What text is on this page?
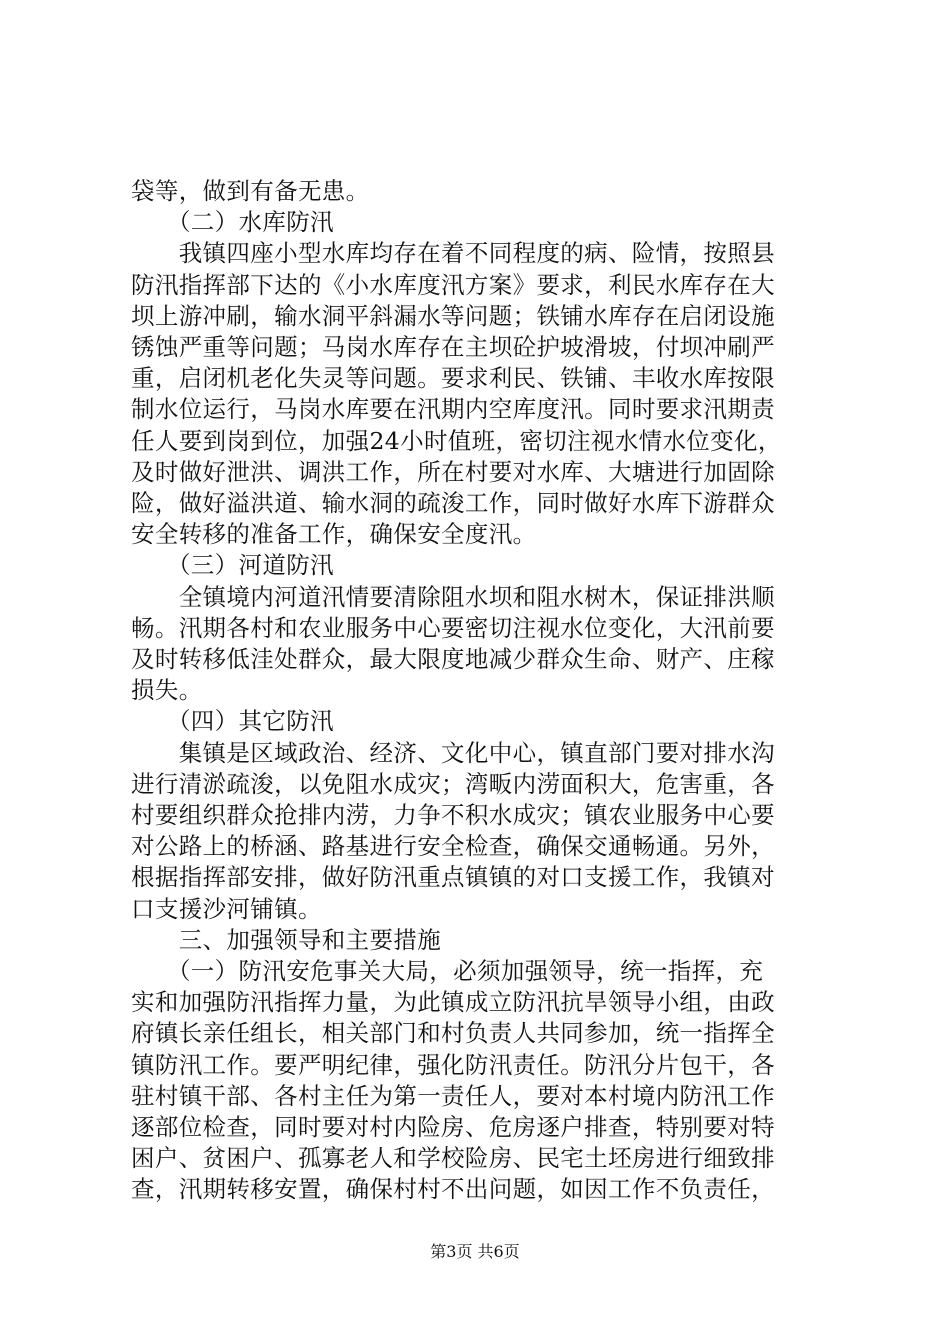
袋等，做到有备无患。

　　（二）水库防汛

　　我镇四座小型水库均存在着不同程度的病、险情，按照县

防汛指挥部下达的《小水库度汛方案》要求，利民水库存在大

坝上游冲刷，输水洞平斜漏水等问题；铁铺水库存在启闭设施

锈蚀严重等问题；马岗水库存在主坝砼护坡滑坡，付坝冲刷严

重，启闭机老化失灵等问题。要求利民、铁铺、丰收水库按限

制水位运行，马岗水库要在汛期内空库度汛。同时要求汛期责

任人要到岗到位，加强24小时值班，密切注视水情水位变化，

及时做好泄洪、调洪工作，所在村要对水库、大塘进行加固除

险，做好溢洪道、输水洞的疏浚工作，同时做好水库下游群众

安全转移的准备工作，确保安全度汛。

　　（三）河道防汛

　　全镇境内河道汛情要清除阻水坝和阻水树木，保证排洪顺

畅。汛期各村和农业服务中心要密切注视水位变化，大汛前要

及时转移低洼处群众，最大限度地减少群众生命、财产、庄稼

损失。

　　（四）其它防汛

　　集镇是区域政治、经济、文化中心，镇直部门要对排水沟

进行清淤疏浚，以免阻水成灾；湾畈内涝面积大，危害重，各

村要组织群众抢排内涝，力争不积水成灾；镇农业服务中心要

对公路上的桥涵、路基进行安全检查，确保交通畅通。另外，

根据指挥部安排，做好防汛重点镇镇的对口支援工作，我镇对

口支援沙河铺镇。

　　三、加强领导和主要措施

　　（一）防汛安危事关大局，必须加强领导，统一指挥，充

实和加强防汛指挥力量，为此镇成立防汛抗旱领导小组，由政

府镇长亲任组长，相关部门和村负责人共同参加，统一指挥全

镇防汛工作。要严明纪律，强化防汛责任。防汛分片包干，各

驻村镇干部、各村主任为第一责任人，要对本村境内防汛工作

逐部位检查，同时要对村内险房、危房逐户排查，特别要对特

困户、贫困户、孤寡老人和学校险房、民宅土坯房进行细致排

查，汛期转移安置，确保村村不出问题，如因工作不负责任，

第3页 共6页
